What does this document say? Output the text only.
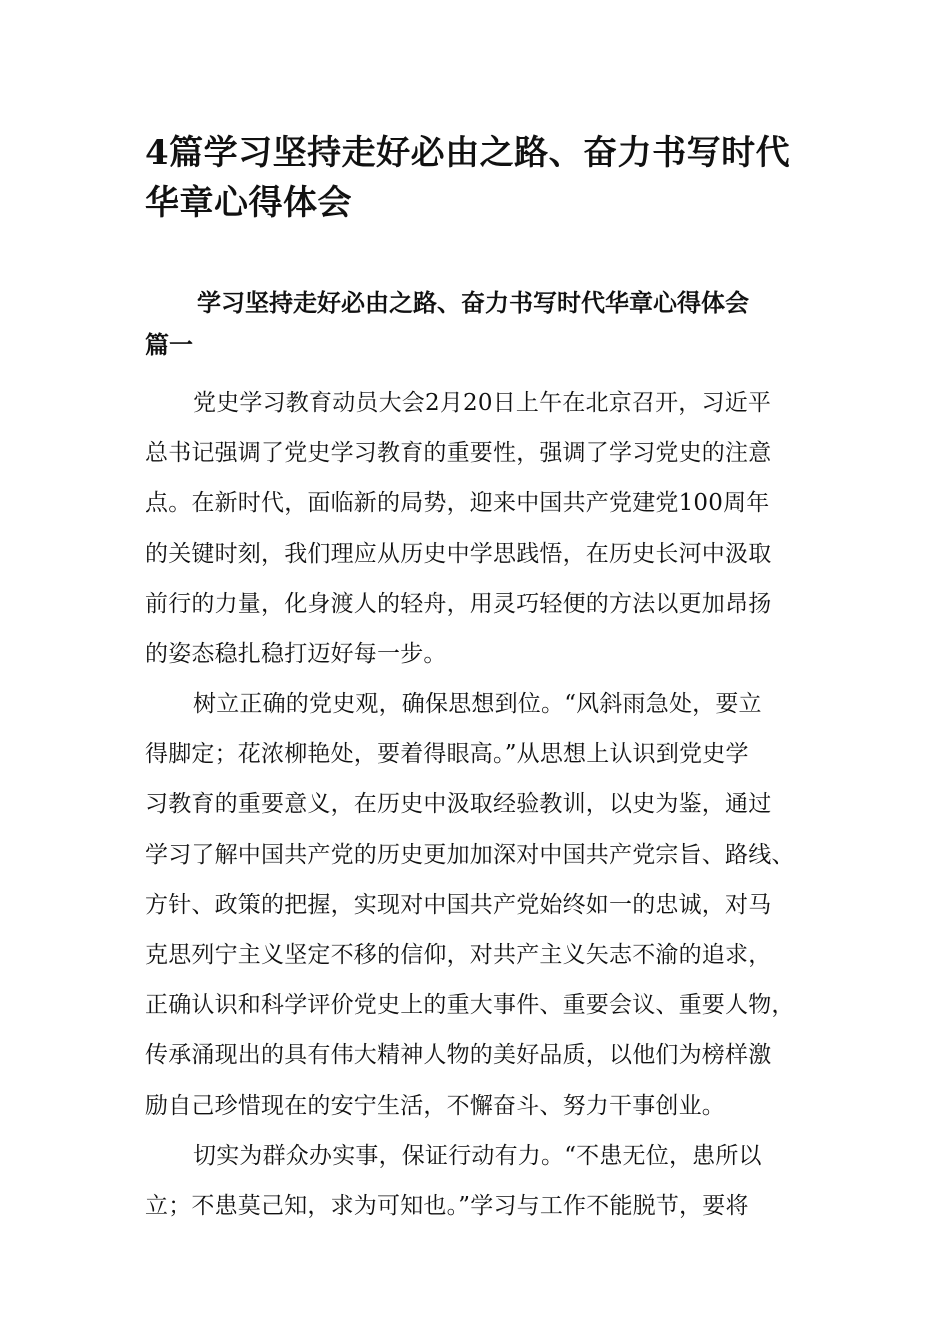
4篇学习坚持走好必由之路、奋力书写时代
华章心得体会
学习坚持走好必由之路、奋力书写时代华章心得体会
篇一
党史学习教育动员大会2月20日上午在北京召开，习近平
总书记强调了党史学习教育的重要性，强调了学习党史的注意
点。在新时代，面临新的局势，迎来中国共产党建党100周年
的关键时刻，我们理应从历史中学思践悟，在历史长河中汲取
前行的力量，化身渡人的轻舟，用灵巧轻便的方法以更加昂扬
的姿态稳扎稳打迈好每一步。
树立正确的党史观，确保思想到位。“风斜雨急处，要立
得脚定；花浓柳艳处，要着得眼高。”从思想上认识到党史学
习教育的重要意义，在历史中汲取经验教训，以史为鉴，通过
学习了解中国共产党的历史更加加深对中国共产党宗旨、路线、
方针、政策的把握，实现对中国共产党始终如一的忠诚，对马
克思列宁主义坚定不移的信仰，对共产主义矢志不渝的追求，
正确认识和科学评价党史上的重大事件、重要会议、重要人物，
传承涌现出的具有伟大精神人物的美好品质，以他们为榜样激
励自己珍惜现在的安宁生活，不懈奋斗、努力干事创业。
切实为群众办实事，保证行动有力。“不患无位，患所以
立；不患莫己知，求为可知也。”学习与工作不能脱节，要将
